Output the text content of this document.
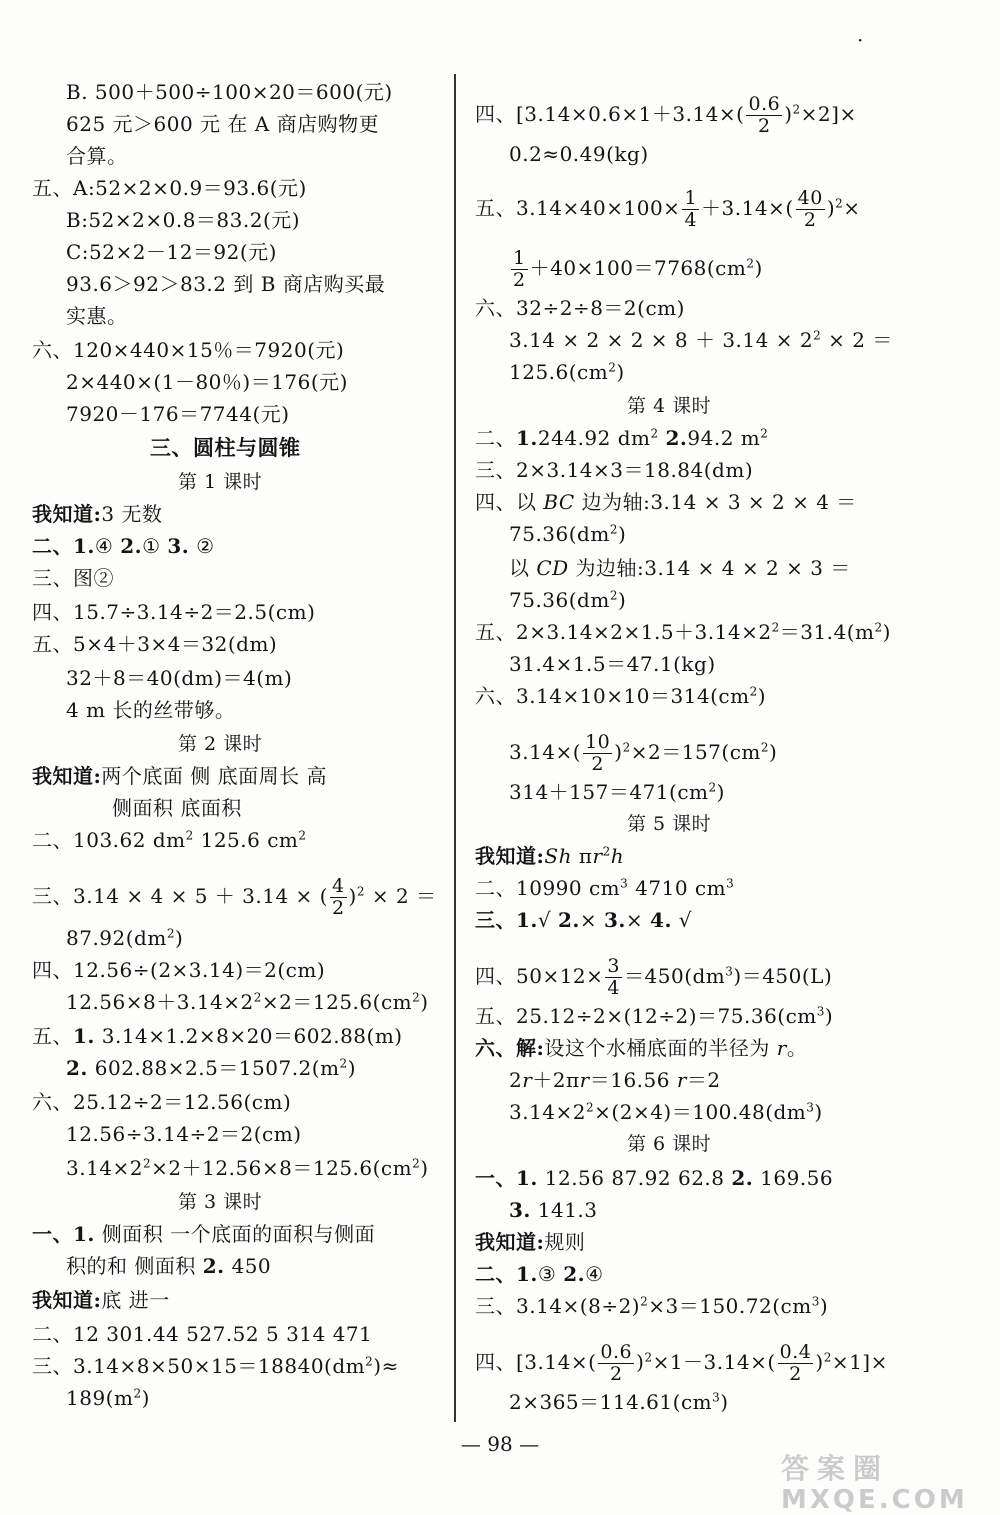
B. 500＋500÷100×20＝600(元)
625 元＞600 元 在 A 商店购物更
合算。
五、A:52×2×0.9＝93.6(元)
B:52×2×0.8＝83.2(元)
C:52×2－12＝92(元)
93.6＞92＞83.2 到 B 商店购买最
实惠。
六、120×440×15％＝7920(元)
2×440×(1－80％)＝176(元)
7920－176＝7744(元)
三、圆柱与圆锥
第 1 课时
我知道:3 无数
二、1.④ 2.① 3. ②
三、图②
四、15.7÷3.14÷2＝2.5(cm)
五、5×4＋3×4＝32(dm)
32＋8＝40(dm)＝4(m)
4 m 长的丝带够。
第 2 课时
我知道:两个底面 侧 底面周长 高
侧面积 底面积
二、103.62 $dm^2$ 125.6 $cm^2$
三、3.14 × 4 × 5 ＋ 3.14 × ( $\frac{4}{2} )^2 \times 2$ ＝
$87.92(dm^2)$
四、12.56÷(2×3.14)＝2(cm)
$12.56\times 8+3.14\times 2^2\times 2=125.6(cm^2)$
五、1. 3.14×1.2×8×20＝602.88(m)
2. $602.88\times 2.5=1507.2(m^2)$
六、25.12÷2＝12.56(cm)
12.56÷3.14÷2＝2(cm)
$3.14\times 2^2\times 2+12.56\times 8=125.6(cm^2)$
第 3 课时
一、1. 侧面积 一个底面的面积与侧面
积的和 侧面积 2. 450
我知道:底 进一
二、12 301.44 527.52 5 314 471
三、$3.14\times 8\times 50\times 15=18840(dm^2)\approx$
$189(m^2)$
四、$[3.14\times 0.6\times 1+3.14\times( \frac{0.6}{2} )^2\times 2]\times$
0.2≈0.49(kg)
五、$3.14\times 40\times 100\times \frac{1}{4} +3.14\times( \frac{40}{2} )^2\times$
$\frac{1}{2} +40\times 100=7768(cm^2)$
六、32÷2÷8＝2(cm)
$3.14 \times 2 \times 2 \times 8 + 3.14 \times 2^2 \times 2$ ＝
$125.6(cm^2)$
第 4 课时
二、1.244.92 $dm^2$ 2.94.2 $m^2$
三、2×3.14×3＝18.84(dm)
四、以 BC 边为轴:3.14 × 3 × 2 × 4 ＝
$75.36(dm^2)$
以 CD 为边轴:3.14 × 4 × 2 × 3 ＝
$75.36(dm^2)$
五、$2\times 3.14\times 2\times 1.5+3.14\times 2^2=31.4(m^2)$
31.4×1.5＝47.1(kg)
六、$3.14\times 10\times 10=314(cm^2)$
$3.14\times( \frac{10}{2} )^2\times 2=157(cm^2)$
$314+157=471(cm^2)$
第 5 课时
我知道:Sh $\pi r^2h$
二、10990 $cm^3$ 4710 $cm^3$
三、1.√ 2.× 3.× 4. √
四、$50\times 12\times \frac{3}{4} =450(dm^3)=450(L)$
五、$25.12\div 2\times(12\div 2)=75.36(cm^3)$
六、解:设这个水桶底面的半径为 r。
2r＋2πr＝16.56 r＝2
$3.14\times 2^2\times(2\times 4)=100.48(dm^3)$
第 6 课时
一、1. 12.56 87.92 62.8 2. 169.56
3. 141.3
我知道:规则
二、1.③ 2.④
三、$3.14\times(8\div 2)^2\times 3=150.72(cm^3)$
四、$[3.14\times( \frac{0.6}{2} )^2\times 1-3.14\times( \frac{0.4}{2} )^2\times 1]\times$
$2\times 365=114.61(cm^3)$
·
— 98 —
答案圈
MXQE.COM
